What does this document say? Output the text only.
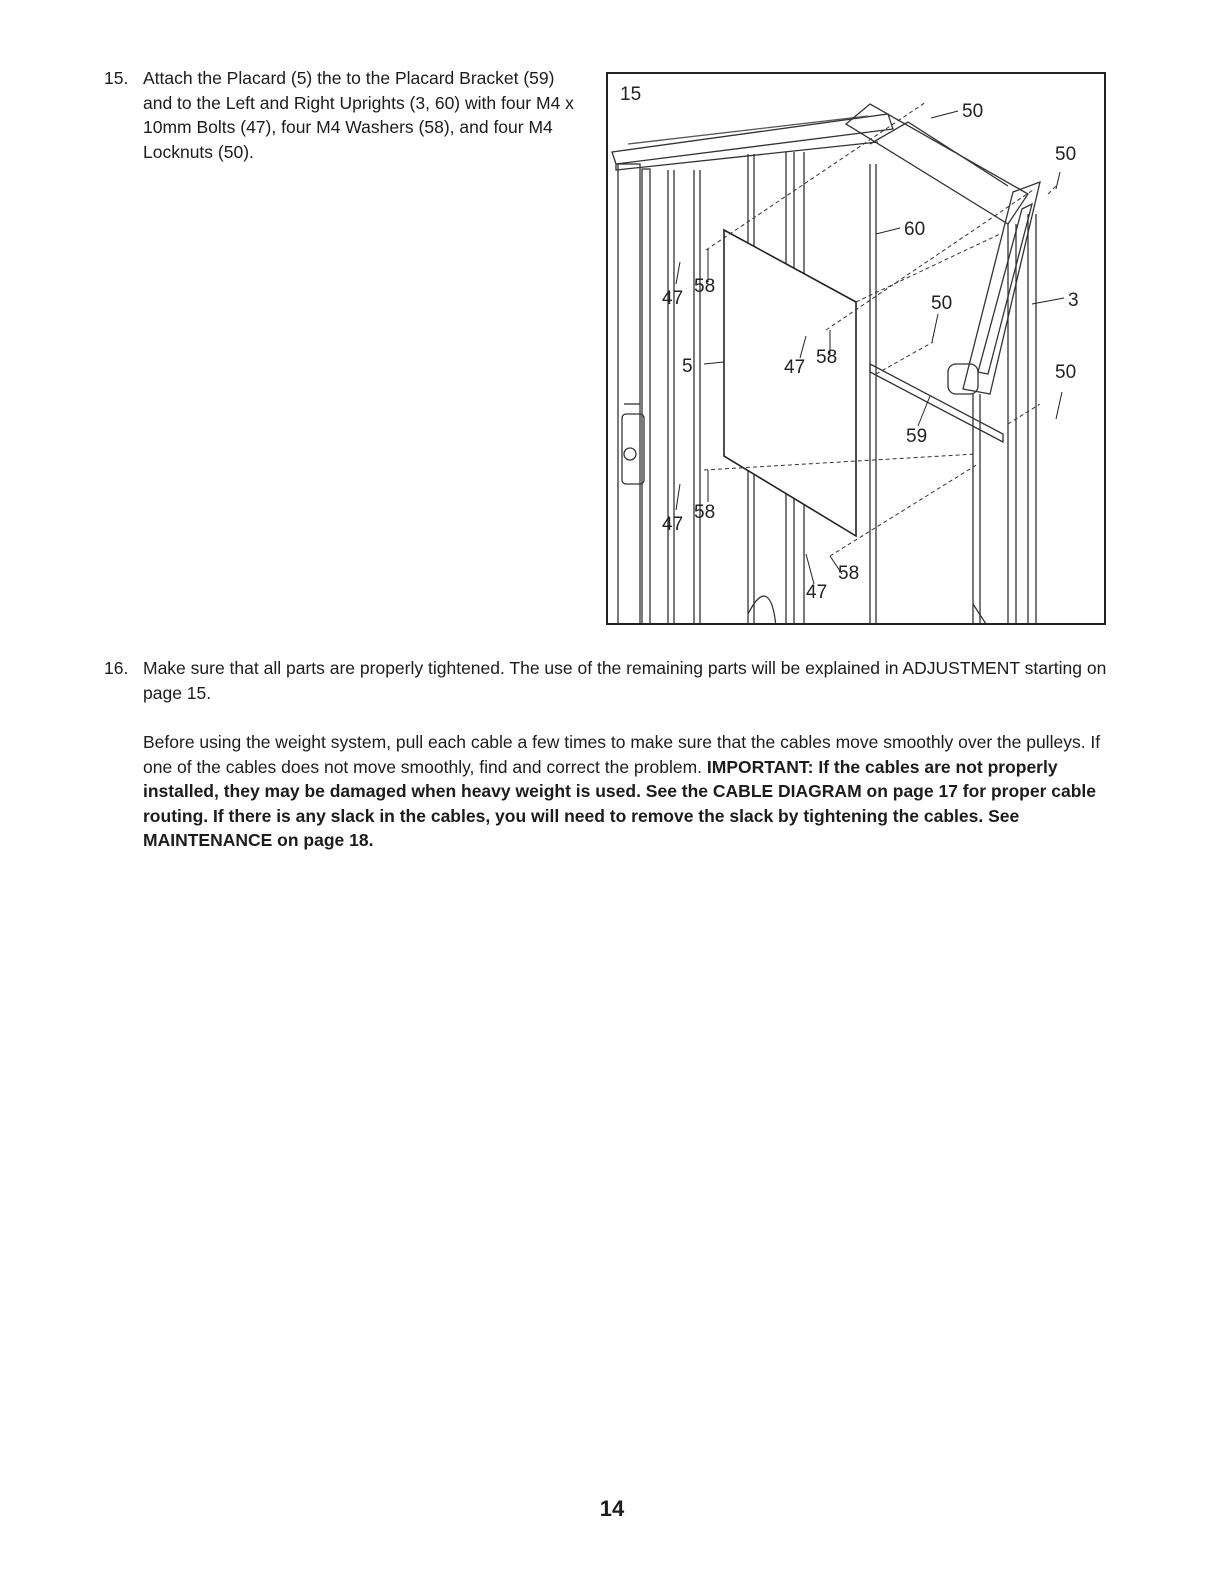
15. Attach the Placard (5) the to the Placard Bracket (59) and to the Left and Right Uprights (3, 60) with four M4 x 10mm Bolts (47), four M4 Washers (58), and four M4 Locknuts (50).
15
50
50
60
3
50
50
47
58
5	47 58
59
47
58
58
47
16. Make sure that all parts are properly tightened. The use of the remaining parts will be explained in ADJUSTMENT starting on page 15.

Before using the weight system, pull each cable a few times to make sure that the cables move smoothly over the pulleys. If one of the cables does not move smoothly, find and correct the problem. IMPORTANT: If the cables are not properly installed, they may be damaged when heavy weight is used. See the CABLE DIAGRAM on page 17 for proper cable routing. If there is any slack in the cables, you will need to remove the slack by tightening the cables. See MAINTENANCE on page 18.

14
